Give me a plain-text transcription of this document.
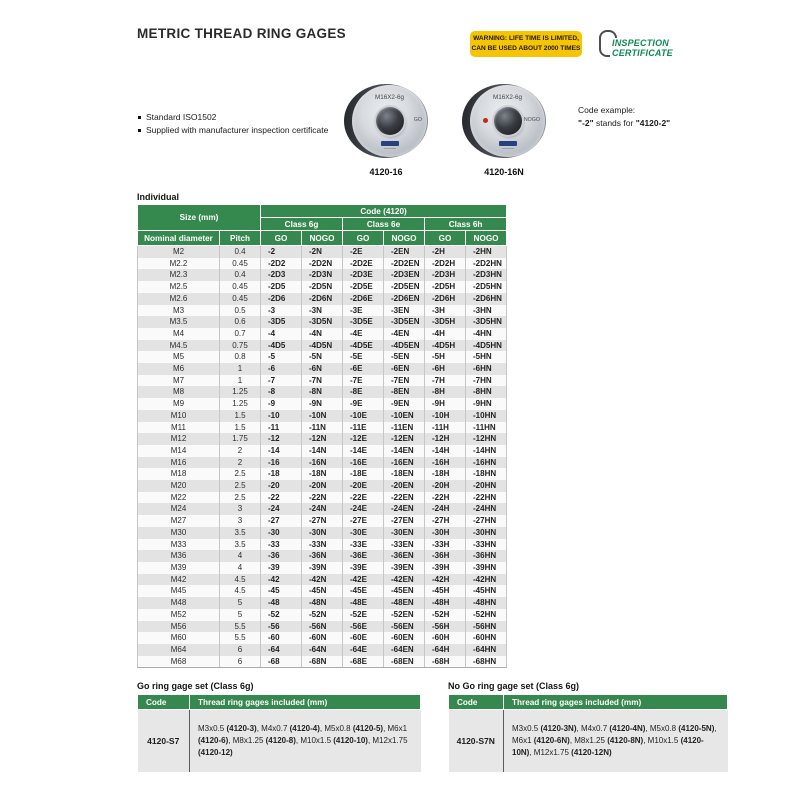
METRIC THREAD RING GAGES	WARNING: LIFE TIME IS LIMITED,
CAN BE USED ABOUT 2000 TIMES
INSPECTION
CERTIFICATE
Standard ISO1502
Supplied with manufacturer inspection certificate
M16X2-6g
GO
4120-16
M16X2-6g
NOGO
4120-16N
Code example:
"-2" stands for "4120-2"
Individual
Size (mm)		Code (4120)					
		Class 6g		Class 6e		Class 6h	
Nominal diameter	Pitch	GO	NOGO	GO	NOGO	GO	NOGO
M2	0.4	-2	-2N	-2E	-2EN	-2H	-2HN
M2.2	0.45	-2D2	-2D2N	-2D2E	-2D2EN	-2D2H	-2D2HN
M2.3	0.4	-2D3	-2D3N	-2D3E	-2D3EN	-2D3H	-2D3HN
M2.5	0.45	-2D5	-2D5N	-2D5E	-2D5EN	-2D5H	-2D5HN
M2.6	0.45	-2D6	-2D6N	-2D6E	-2D6EN	-2D6H	-2D6HN
M3	0.5	-3	-3N	-3E	-3EN	-3H	-3HN
M3.5	0.6	-3D5	-3D5N	-3D5E	-3D5EN	-3D5H	-3D5HN
M4	0.7	-4	-4N	-4E	-4EN	-4H	-4HN
M4.5	0.75	-4D5	-4D5N	-4D5E	-4D5EN	-4D5H	-4D5HN
M5	0.8	-5	-5N	-5E	-5EN	-5H	-5HN
M6	1	-6	-6N	-6E	-6EN	-6H	-6HN
M7	1	-7	-7N	-7E	-7EN	-7H	-7HN
M8	1.25	-8	-8N	-8E	-8EN	-8H	-8HN
M9	1.25	-9	-9N	-9E	-9EN	-9H	-9HN
M10	1.5	-10	-10N	-10E	-10EN	-10H	-10HN
M11	1.5	-11	-11N	-11E	-11EN	-11H	-11HN
M12	1.75	-12	-12N	-12E	-12EN	-12H	-12HN
M14	2	-14	-14N	-14E	-14EN	-14H	-14HN
M16	2	-16	-16N	-16E	-16EN	-16H	-16HN
M18	2.5	-18	-18N	-18E	-18EN	-18H	-18HN
M20	2.5	-20	-20N	-20E	-20EN	-20H	-20HN
M22	2.5	-22	-22N	-22E	-22EN	-22H	-22HN
M24	3	-24	-24N	-24E	-24EN	-24H	-24HN
M27	3	-27	-27N	-27E	-27EN	-27H	-27HN
M30	3.5	-30	-30N	-30E	-30EN	-30H	-30HN
M33	3.5	-33	-33N	-33E	-33EN	-33H	-33HN
M36	4	-36	-36N	-36E	-36EN	-36H	-36HN
M39	4	-39	-39N	-39E	-39EN	-39H	-39HN
M42	4.5	-42	-42N	-42E	-42EN	-42H	-42HN
M45	4.5	-45	-45N	-45E	-45EN	-45H	-45HN
M48	5	-48	-48N	-48E	-48EN	-48H	-48HN
M52	5	-52	-52N	-52E	-52EN	-52H	-52HN
M56	5.5	-56	-56N	-56E	-56EN	-56H	-56HN
M60	5.5	-60	-60N	-60E	-60EN	-60H	-60HN
M64	6	-64	-64N	-64E	-64EN	-64H	-64HN
M68	6	-68	-68N	-68E	-68EN	-68H	-68HN
Go ring gage set (Class 6g)
Code	Thread ring gages included (mm)
4120-S7	M3x0.5 (4120-3), M4x0.7 (4120-4), M5x0.8 (4120-5), M6x1 (4120-6), M8x1.25 (4120-8), M10x1.5 (4120-10), M12x1.75 (4120-12)
No Go ring gage set (Class 6g)
Code	Thread ring gages included (mm)
4120-S7N	M3x0.5 (4120-3N), M4x0.7 (4120-4N), M5x0.8 (4120-5N), M6x1 (4120-6N), M8x1.25 (4120-8N), M10x1.5 (4120-10N), M12x1.75 (4120-12N)
